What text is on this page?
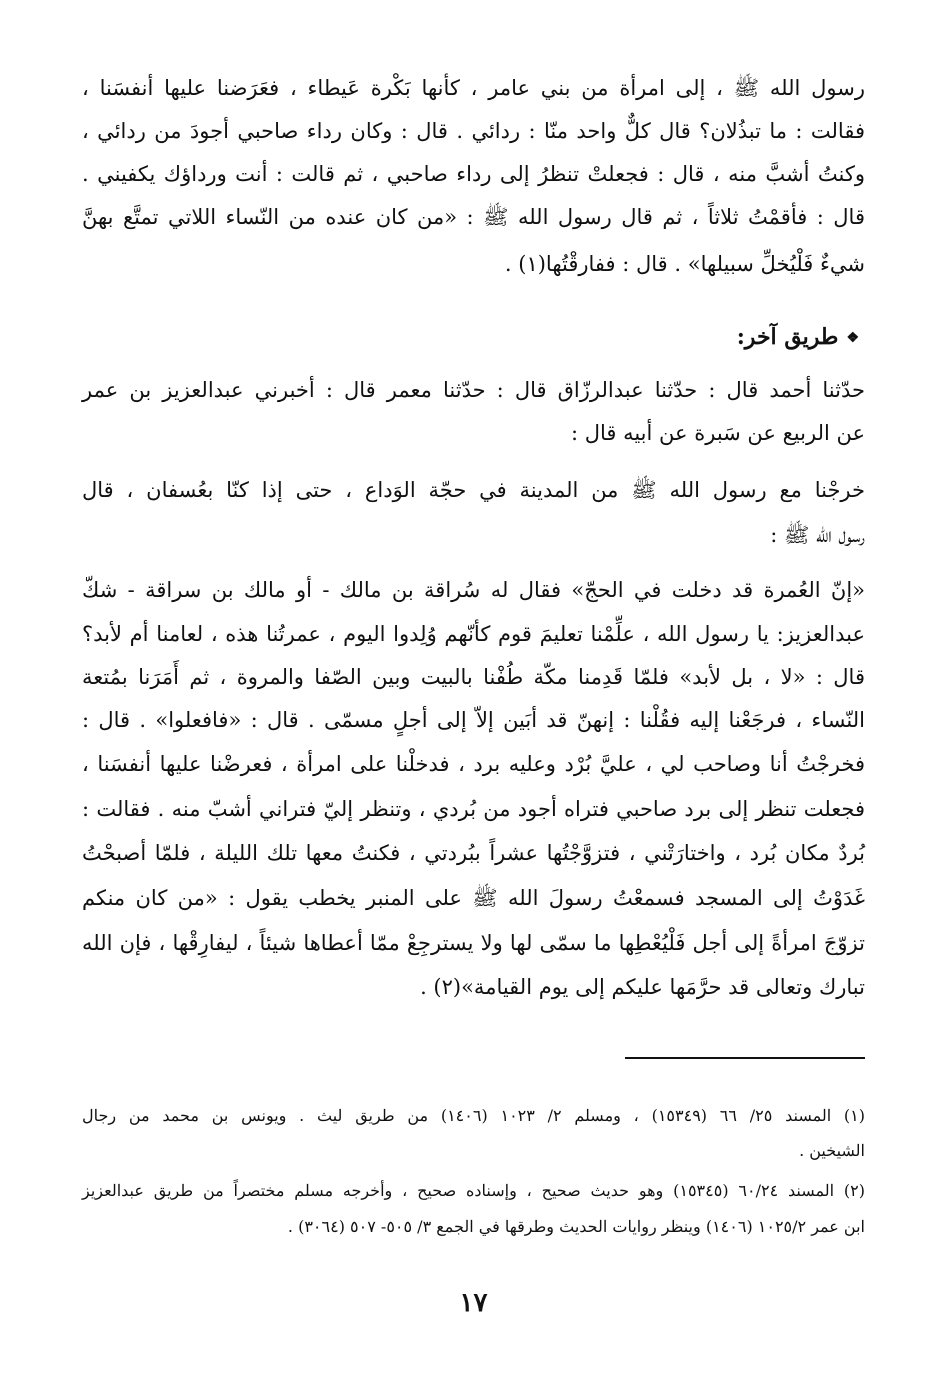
رسول الله ﷺ ، إلى امرأة من بني عامر ، كأنها بَكْرة عَيطاء ، فعَرَضنا عليها أنفسَنا ،
فقالت : ما تبذُلان؟ قال كلٌّ واحد منّا : ردائي . قال : وكان رداء صاحبي أجودَ من ردائي ،
وكنتُ أشبَّ منه ، قال : فجعلتْ تنظرُ إلى رداء صاحبي ، ثم قالت : أنت ورداؤك يكفيني .
قال : فأقمْتُ ثلاثاً ، ثم قال رسول الله ﷺ : «من كان عنده من النّساء اللاتي تمتَّع بهنَّ
شيءٌ فَلْيُخلِّ سبيلها» . قال : ففارقْتُها(١) .
❖طريق آخر:
حدّثنا أحمد قال : حدّثنا عبدالرزّاق قال : حدّثنا معمر قال : أخبرني عبدالعزيز بن عمر
عن الربيع عن سَبرة عن أبيه قال :
خرجْنا مع رسول الله ﷺ من المدينة في حجّة الوَداع ، حتى إذا كنّا بعُسفان ، قال
رسول الله ﷺ :
«إنّ العُمرة قد دخلت في الحجّ» فقال له سُراقة بن مالك - أو مالك بن سراقة - شكّ
عبدالعزيز: يا رسول الله ، علِّمْنا تعليمَ قوم كأنّهم وُلِدوا اليوم ، عمرتُنا هذه ، لعامنا أم لأبد؟
قال : «لا ، بل لأبد» فلمّا قَدِمنا مكّة طُفْنا بالبيت وبين الصّفا والمروة ، ثم أَمَرَنا بمُتعة
النّساء ، فرجَعْنا إليه فقُلْنا : إنهنّ قد أبَين إلاّ إلى أجلٍ مسمّى . قال : «فافعلوا» . قال :
فخرجْتُ أنا وصاحب لي ، عليَّ بُرْد وعليه برد ، فدخلْنا على امرأة ، فعرضْنا عليها أنفسَنا ،
فجعلت تنظر إلى برد صاحبي فتراه أجود من بُردي ، وتنظر إليّ فتراني أشبّ منه . فقالت :
بُردٌ مكان بُرد ، واختارَتْني ، فتزوَّجْتُها عشراً ببُردتي ، فكنتُ معها تلك الليلة ، فلمّا أصبحْتُ
غَدَوْتُ إلى المسجد فسمعْتُ رسولَ الله ﷺ على المنبر يخطب يقول : «من كان منكم
تزوّجَ امرأةً إلى أجل فَلْيُعْطِها ما سمّى لها ولا يسترجِعْ ممّا أعطاها شيئاً ، ليفارِقْها ، فإن الله
تبارك وتعالى قد حرَّمَها عليكم إلى يوم القيامة»(٢) .
(١) المسند ٢٥/ ٦٦ (١٥٣٤٩) ، ومسلم ٢/ ١٠٢٣ (١٤٠٦) من طريق ليث . ويونس بن محمد من رجال
الشيخين .
(٢) المسند ٦٠/٢٤ (١٥٣٤٥) وهو حديث صحيح ، وإسناده صحيح ، وأخرجه مسلم مختصراً من طريق عبدالعزيز
ابن عمر ١٠٢٥/٢ (١٤٠٦) وينظر روايات الحديث وطرقها في الجمع ٣/ ٥٠٥- ٥٠٧ (٣٠٦٤) .
١٧
